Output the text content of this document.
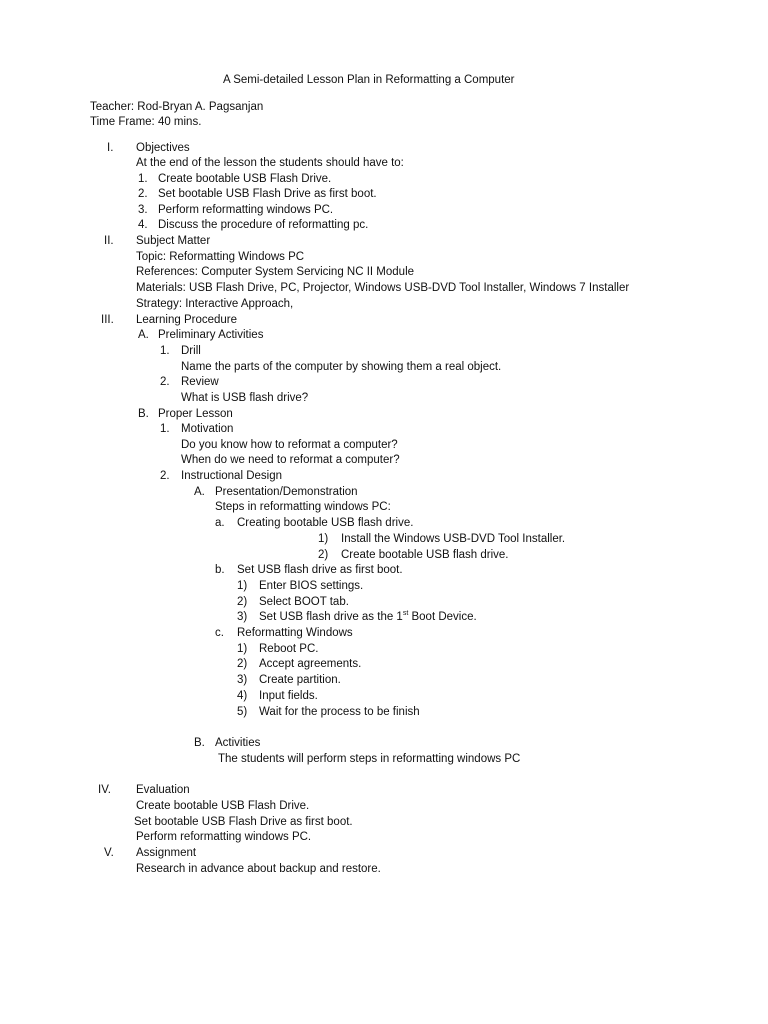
A Semi-detailed Lesson Plan in Reformatting a Computer
Teacher: Rod-Bryan A. Pagsanjan
Time Frame: 40 mins.
I. Objectives
At the end of the lesson the students should have to:
1. Create bootable USB Flash Drive.
2. Set bootable USB Flash Drive as first boot.
3. Perform reformatting windows PC.
4. Discuss the procedure of reformatting pc.
II. Subject Matter
Topic: Reformatting Windows PC
References: Computer System Servicing NC II Module
Materials: USB Flash Drive, PC, Projector, Windows USB-DVD Tool Installer, Windows 7 Installer
Strategy: Interactive Approach,
III. Learning Procedure
A. Preliminary Activities
1. Drill
Name the parts of the computer by showing them a real object.
2. Review
What is USB flash drive?
B. Proper Lesson
1. Motivation
Do you know how to reformat a computer?
When do we need to reformat a computer?
2. Instructional Design
A. Presentation/Demonstration
Steps in reformatting windows PC:
a. Creating bootable USB flash drive.
1) Install the Windows USB-DVD Tool Installer.
2) Create bootable USB flash drive.
b. Set USB flash drive as first boot.
1) Enter BIOS settings.
2) Select BOOT tab.
3) Set USB flash drive as the 1st Boot Device.
c. Reformatting Windows
1) Reboot PC.
2) Accept agreements.
3) Create partition.
4) Input fields.
5) Wait for the process to be finish
B. Activities
The students will perform steps in reformatting windows PC
IV. Evaluation
Create bootable USB Flash Drive.
Set bootable USB Flash Drive as first boot.
Perform reformatting windows PC.
V. Assignment
Research in advance about backup and restore.
